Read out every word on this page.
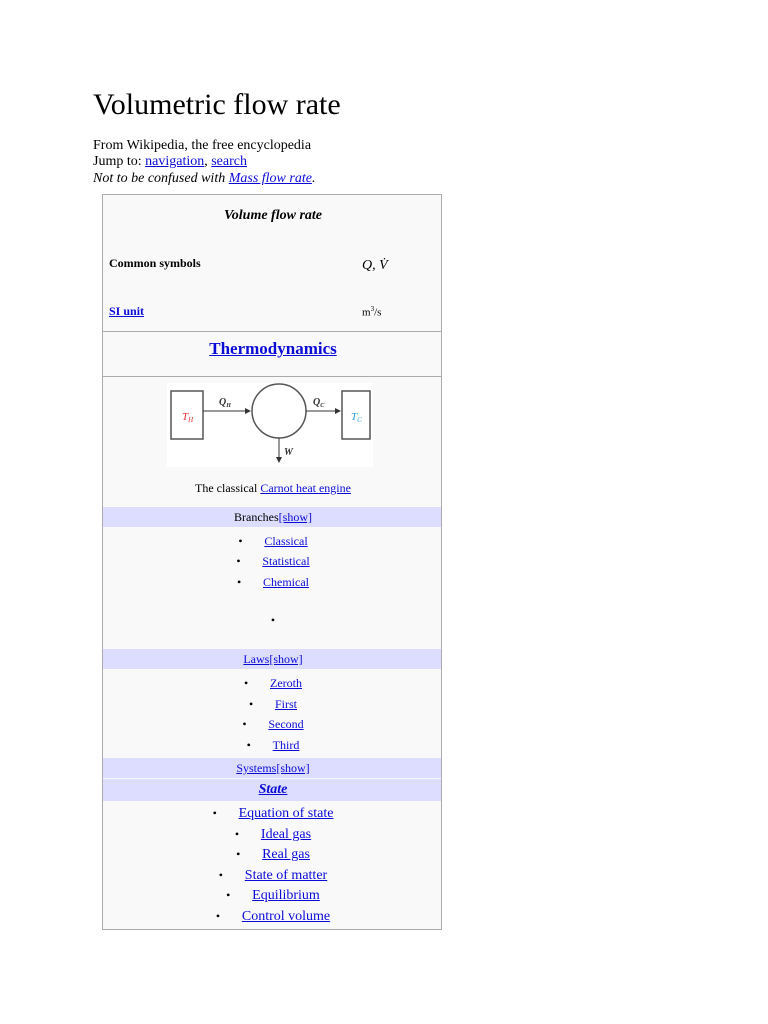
Volumetric flow rate
From Wikipedia, the free encyclopedia
Jump to: navigation, search
Not to be confused with Mass flow rate.
Volume flow rate
Common symbols	Q, V̇
SI unit	$m^3/s$
Thermodynamics
TH
$Q_H$	$Q_C$
TC
W
The classical Carnot heat engine
Branches[show]
• Classical
• Statistical
• Chemical
•
Laws[show]
• Zeroth
• First
• Second
• Third
Systems[show]
State
• Equation of state
• Ideal gas
• Real gas
• State of matter
• Equilibrium
• Control volume
